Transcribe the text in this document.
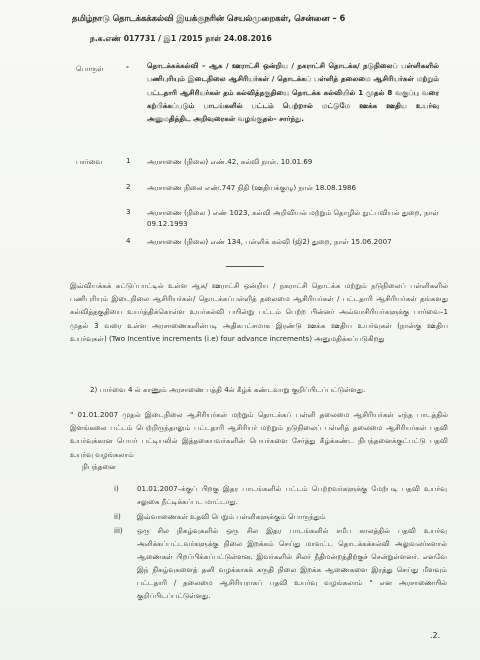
தமிழ்நாடு தொடக்கக்கல்வி இயக்குநரின் செயல்முறைகள், சென்னை – 6
ந.க.எண் 017731 / இ1 /2015 நாள் 24.08.2016
பொருள்	-	தொடக்கக்கல்வி – ஆக / ஊராட்சி ஒன்றிய / நகராட்சி தொடக்க/ நடுநிலைப் பள்ளிகளில் பணிபுரியும் இடைநிலை ஆசிரியர்கள் / தொடக்கப் பள்ளித் தலைமை ஆசிரியர்கள் மற்றும் பட்டதாரி ஆசிரியர்கள் தம் கல்வித்தகுதியை தொடக்க கல்வியில் 1 முதல் 8 வகுப்பு வரை கற்பிக்கப்படும் பாடங்களில் பட்டம் பெற்றால் மட்டுமே ஊக்க ஊதிய உயர்வு அனுமதித்திட அறிவுரைகள் வழங்குதல்– சார்ந்து.
பார்வை	1 அரசாணை (நிலை) எண்.42, கல்வி நாள். 10.01.69
2 அரசாணை நிலை எண்.747 நிதி (ஊதியக்குழு) நாள் 18.08.1986
3 அரசாணை (நிலை ) எண் 1023, கல்வி அறிவியல் மற்றும் தொழில் நுட்பவியல் துறை, நாள் 09.12.1993
4 அரசாணை (நிலை) எண் 134, பள்ளிக் கல்வி (ஜி2) துறை, நாள் 15.06.2007
இவ்வியக்கக் கட்டுப்பாட்டில் உள்ள ஆக/ ஊராட்சி ஒன்றிய / நகராட்சி தொடக்க மற்றும் நடுநிலைப் பள்ளிகளில் பணிபுரியும் இடைநிலை ஆசிரியர்கள்/ தொடக்கப்பள்ளித் தலைமை ஆசிரியர்கள் / பட்டதாரி ஆசிரியர்கள் தங்களது கல்வித்தகுதியை உயர்த்திக்கொள்ள உயர்கல்வி பயின்று பட்டம் பெற்ற பின்னர் அவ்வாசிரியர்களுக்கு பார்வை–1 முதல் 3 வரை உள்ள அரசாணைகளின்படி அதிகபட்சமாக இரண்டு ஊக்க ஊதிய உயர்வுகள் (நான்கு ஊதிய உயர்வுகள்) (Two Incentive increments (i.e) four advance increments) அனுமதிக்கப்படுகிறது
2) பார்வை 4 ல் காணும் அரசாணை பத்தி 4ல் கீழ்க் கண்டவாறு குறிப்பிடப்பட்டுள்ளது.
" 01.01.2007 முதல் இடைநிலை ஆசிரியர்கள் மற்றும் தொடக்கப் பள்ளி தலைமை ஆசிரியர்கள் எந்த பாடத்தில் இளங்கலை பட்டம் பெற்றிருந்தாலும் பட்டதாரி ஆசிரியர் மற்றும் நடுநிலைப் பள்ளித் தலைமை ஆசிரியர்கள் பதவி உயர்வுக்கான பெயர் பட்டியலில் இத்தகையவர்களின் பெயர்களை சேர்த்து கீழ்க்கண்ட நிபந்தனைக்குட்பட்டு பதவி உயர்வு வழங்கலாம்
நிபந்தனை
i)	01.01.2007–க்குப் பிறகு இதர பாடங்களில் பட்டம் பெற்றவர்களுக்கு மேற்படி பதவி உயர்வு சலுகை நீட்டிக்கப்பட மாட்டாது.
ii) இவ்வாணைகள் உதவி பெறும் பள்ளிகளுக்கும் பொருந்தும்
iii) ஒரு சில நிகழ்வுகளில் ஒரு சில இதர பாடங்களில் சமீப காலத்தில் பதவி உயர்வு அளிக்கப்பட்டவர்களுக்கு நிலை இறக்கம் செய்து மாவட்ட தொடக்கக்கல்வி அலுவலர்களால் ஆணைகள் பிறப்பிக்கப்பட்டுள்ளன. இவர்களில் சிலர் நீதிமன்றத்திற்குச் சென்றுள்ளனர். எனவே இந் நிகழ்வுகளைத் தனி வழக்காகக் கருதி நிலை இறக்க ஆணைகளை இரத்து செய்து மீளவும் பட்டதாரி / தலைமை ஆசிரியராகப் பதவி உயர்வு வழங்கலாம் " என அரசாணையில் குறிப்பிடப்பட்டுள்ளது.
.2.
